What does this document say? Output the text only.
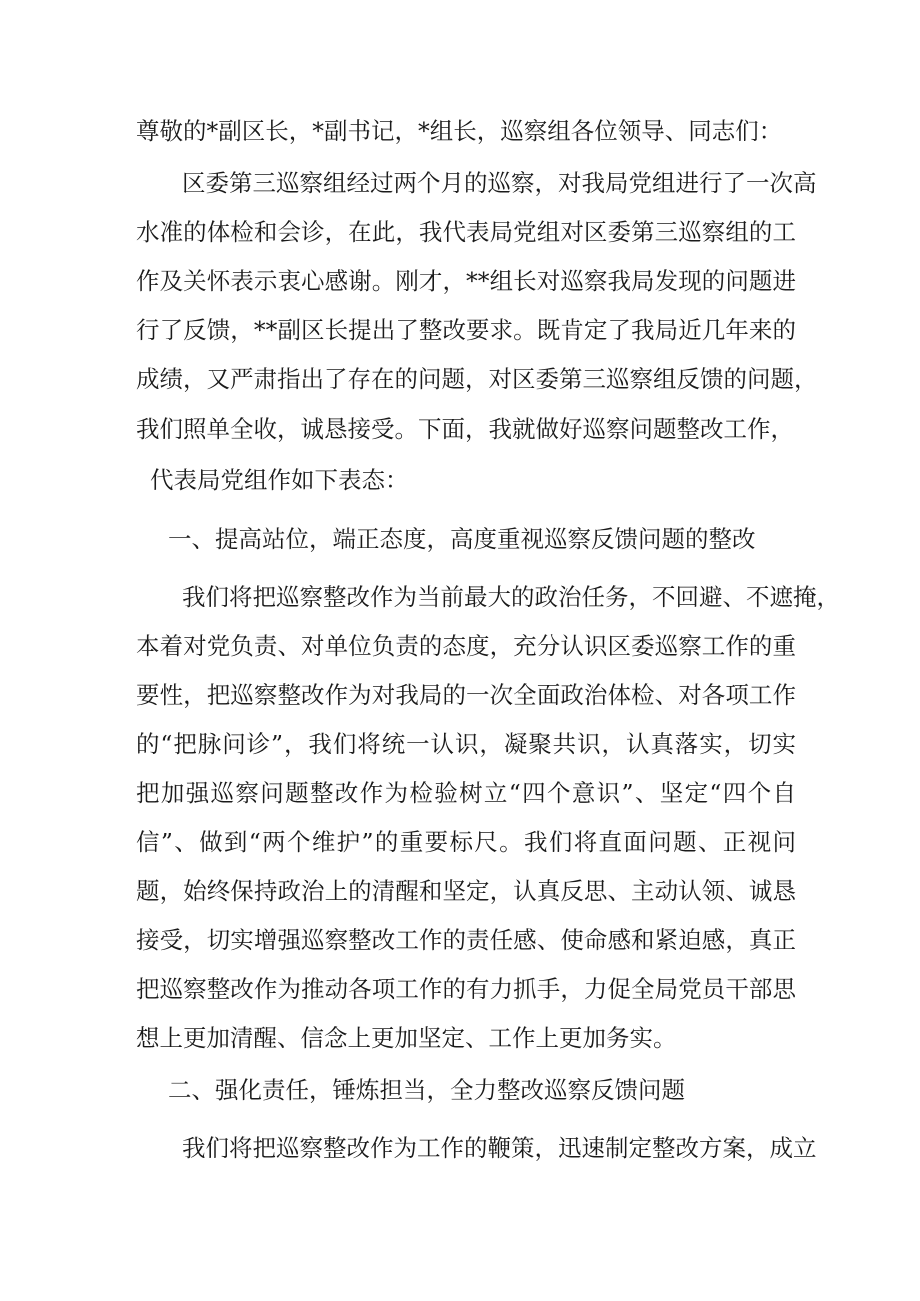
尊敬的*副区长，*副书记，*组长，巡察组各位领导、同志们：
区委第三巡察组经过两个月的巡察，对我局党组进行了一次高
水准的体检和会诊，在此，我代表局党组对区委第三巡察组的工
作及关怀表示衷心感谢。刚才，**组长对巡察我局发现的问题进
行了反馈，**副区长提出了整改要求。既肯定了我局近几年来的
成绩，又严肃指出了存在的问题，对区委第三巡察组反馈的问题，
我们照单全收，诚恳接受。下面，我就做好巡察问题整改工作，
代表局党组作如下表态：
一、提高站位，端正态度，高度重视巡察反馈问题的整改
我们将把巡察整改作为当前最大的政治任务，不回避、不遮掩，
本着对党负责、对单位负责的态度，充分认识区委巡察工作的重
要性，把巡察整改作为对我局的一次全面政治体检、对各项工作
的“把脉问诊”，我们将统一认识，凝聚共识，认真落实，切实
把加强巡察问题整改作为检验树立“四个意识”、坚定“四个自
信”、做到“两个维护”的重要标尺。我们将直面问题、正视问
题，始终保持政治上的清醒和坚定，认真反思、主动认领、诚恳
接受，切实增强巡察整改工作的责任感、使命感和紧迫感，真正
把巡察整改作为推动各项工作的有力抓手，力促全局党员干部思
想上更加清醒、信念上更加坚定、工作上更加务实。
二、强化责任，锤炼担当，全力整改巡察反馈问题
我们将把巡察整改作为工作的鞭策，迅速制定整改方案，成立
